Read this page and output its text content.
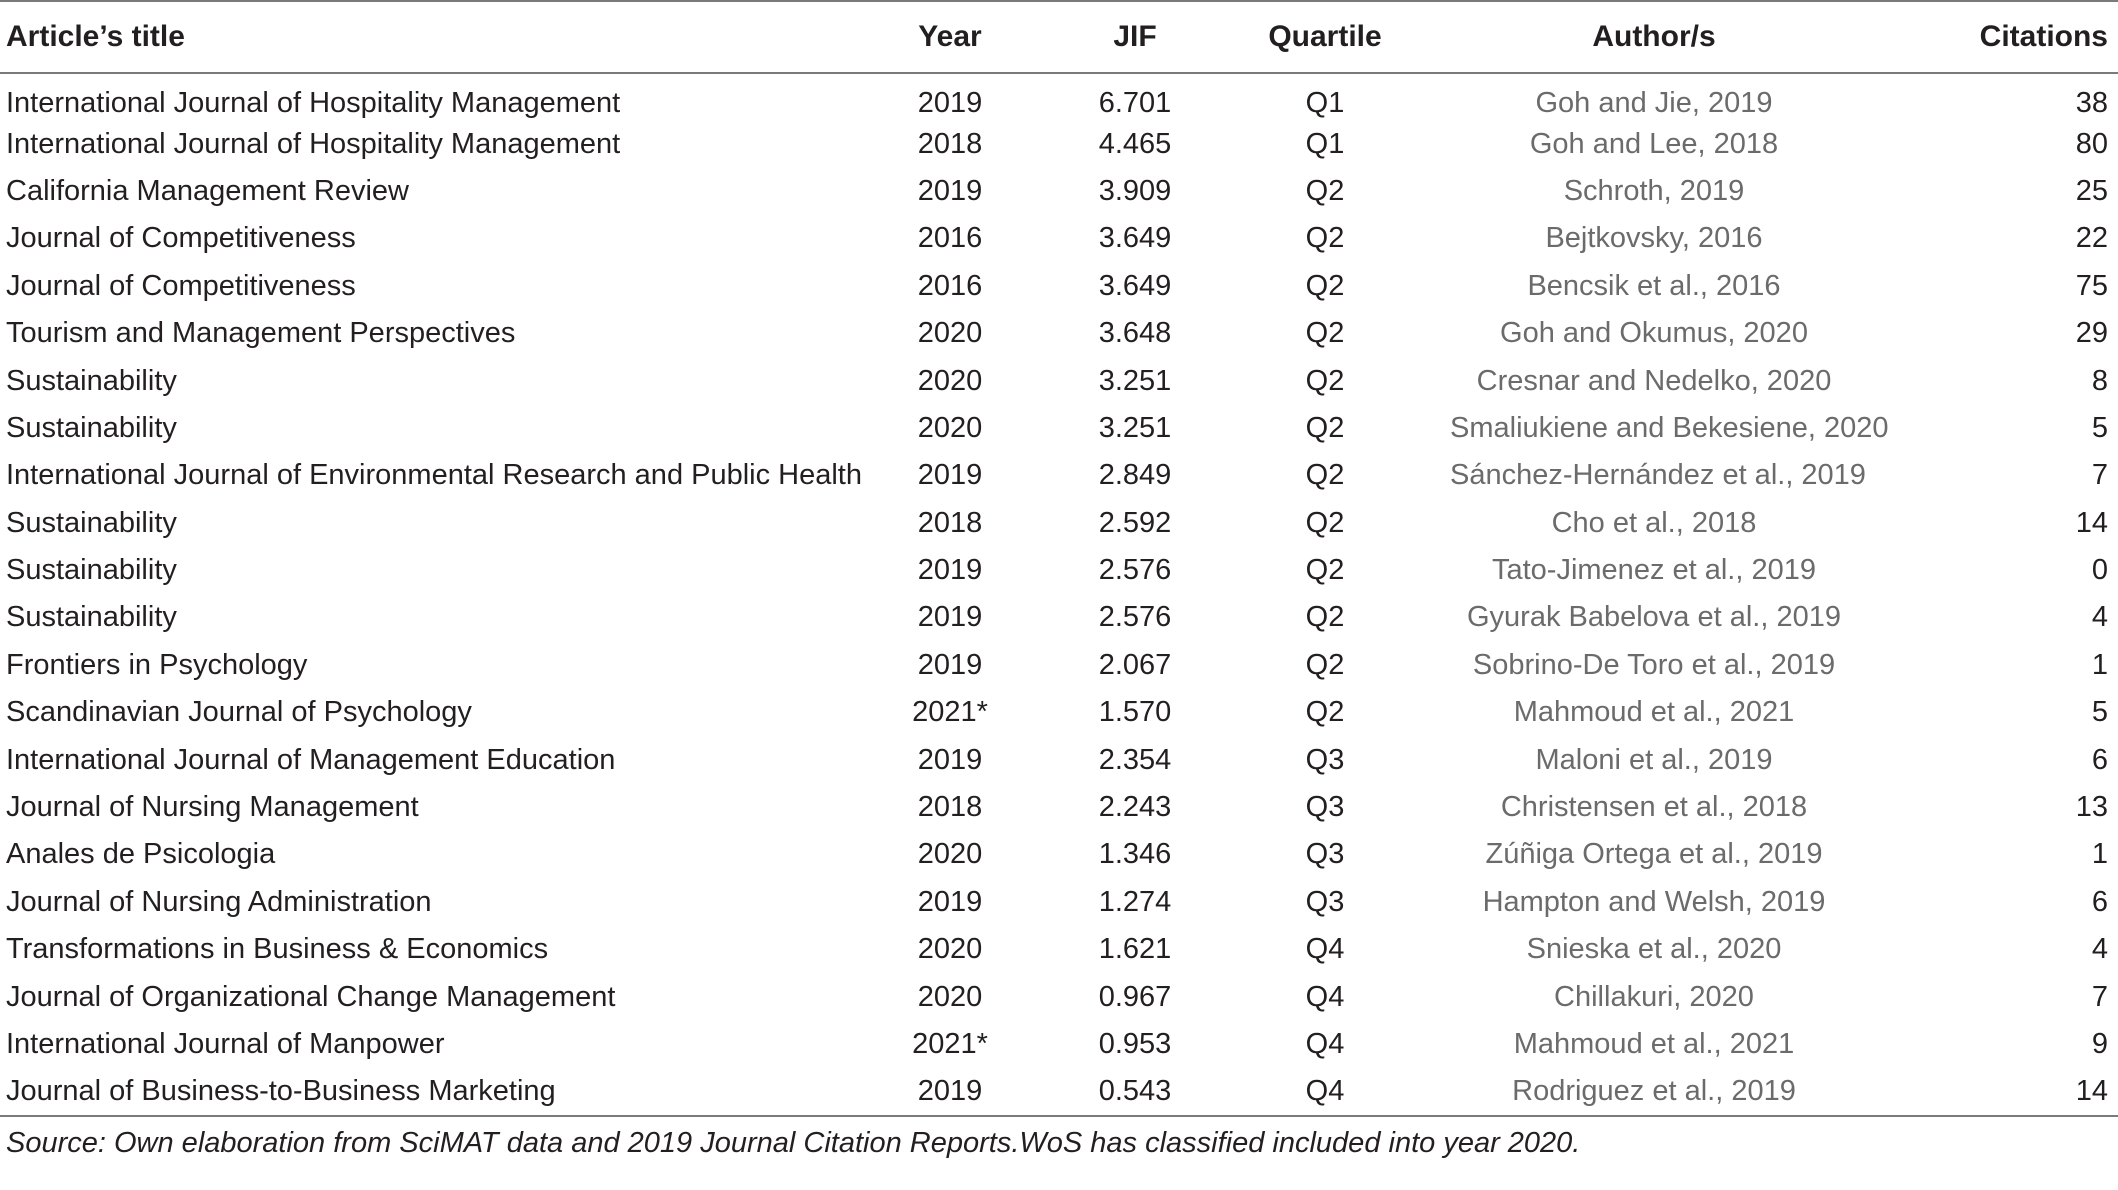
Article’s title	Year	JIF	Quartile	Author/s	Citations
International Journal of Hospitality Management	2019	6.701	Q1	Goh and Jie, 2019	38
International Journal of Hospitality Management	2018	4.465	Q1	Goh and Lee, 2018	80
California Management Review	2019	3.909	Q2	Schroth, 2019	25
Journal of Competitiveness	2016	3.649	Q2	Bejtkovsky, 2016	22
Journal of Competitiveness	2016	3.649	Q2	Bencsik et al., 2016	75
Tourism and Management Perspectives	2020	3.648	Q2	Goh and Okumus, 2020	29
Sustainability	2020	3.251	Q2	Cresnar and Nedelko, 2020	8
Sustainability	2020	3.251	Q2	Smaliukiene and Bekesiene, 2020	5
International Journal of Environmental Research and Public Health	2019	2.849	Q2	Sánchez-Hernández et al., 2019	7
Sustainability	2018	2.592	Q2	Cho et al., 2018	14
Sustainability	2019	2.576	Q2	Tato-Jimenez et al., 2019	0
Sustainability	2019	2.576	Q2	Gyurak Babelova et al., 2019	4
Frontiers in Psychology	2019	2.067	Q2	Sobrino-De Toro et al., 2019	1
Scandinavian Journal of Psychology	2021*	1.570	Q2	Mahmoud et al., 2021	5
International Journal of Management Education	2019	2.354	Q3	Maloni et al., 2019	6
Journal of Nursing Management	2018	2.243	Q3	Christensen et al., 2018	13
Anales de Psicologia	2020	1.346	Q3	Zúñiga Ortega et al., 2019	1
Journal of Nursing Administration	2019	1.274	Q3	Hampton and Welsh, 2019	6
Transformations in Business & Economics	2020	1.621	Q4	Snieska et al., 2020	4
Journal of Organizational Change Management	2020	0.967	Q4	Chillakuri, 2020	7
International Journal of Manpower	2021*	0.953	Q4	Mahmoud et al., 2021	9
Journal of Business-to-Business Marketing	2019	0.543	Q4	Rodriguez et al., 2019	14
Source: Own elaboration from SciMAT data and 2019 Journal Citation Reports.WoS has classified included into year 2020.					
